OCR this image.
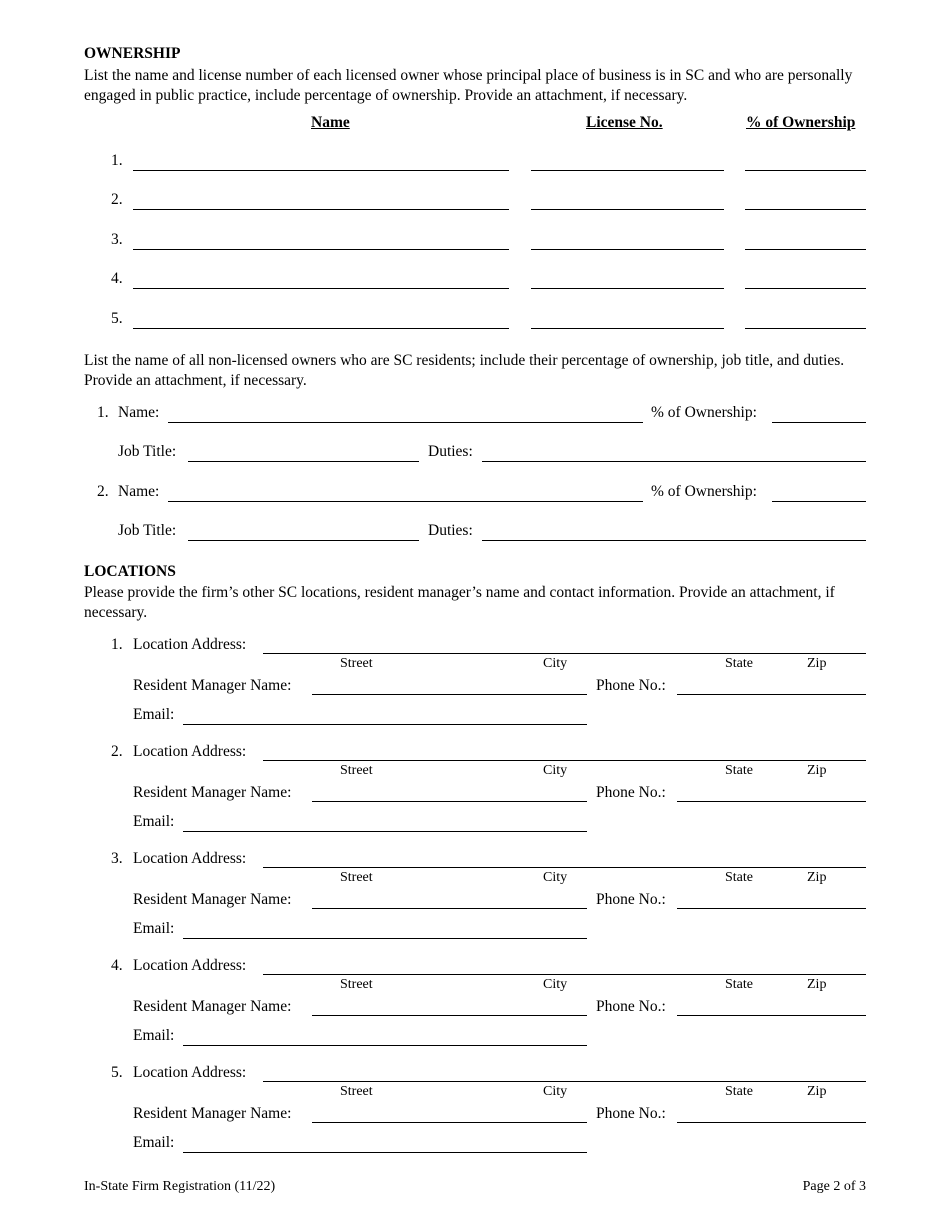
OWNERSHIP
List the name and license number of each licensed owner whose principal place of business is in SC and who are personally engaged in public practice, include percentage of ownership. Provide an attachment, if necessary.
Name	License No.	% of Ownership
1.
2.
3.
4.
5.
List the name of all non-licensed owners who are SC residents; include their percentage of ownership, job title, and duties. Provide an attachment, if necessary.
1. Name:	% of Ownership:
Job Title:	Duties:
2. Name:	% of Ownership:
Job Title:	Duties:
LOCATIONS
Please provide the firm’s other SC locations, resident manager’s name and contact information. Provide an attachment, if necessary.
1. Location Address:
Street	City	State	Zip
Resident Manager Name:	Phone No.:
Email:
2. Location Address:
Street	City	State	Zip
Resident Manager Name:	Phone No.:
Email:
3. Location Address:
Street	City	State	Zip
Resident Manager Name:	Phone No.:
Email:
4. Location Address:
Street	City	State	Zip
Resident Manager Name:	Phone No.:
Email:
5. Location Address:
Street	City	State	Zip
Resident Manager Name:	Phone No.:
Email:
In-State Firm Registration (11/22)	Page 2 of 3
